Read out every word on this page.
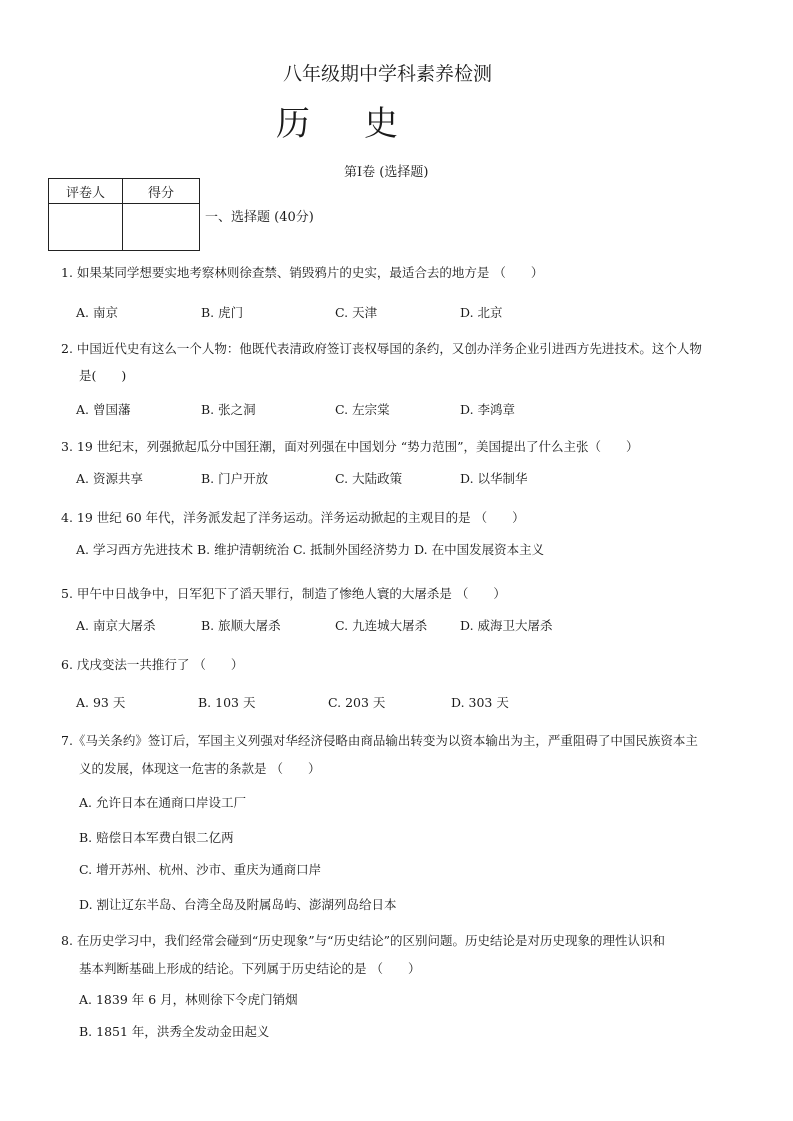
八年级期中学科素养检测
历 史
第Ⅰ卷 (选择题)
评卷人	得分

一、选择题 (40分)
1. 如果某同学想要实地考察林则徐查禁、销毁鸦片的史实，最适合去的地方是 （　　）
A. 南京	B. 虎门	C. 天津	D. 北京
2. 中国近代史有这么一个人物：他既代表清政府签订丧权辱国的条约，又创办洋务企业引进西方先进技术。这个人物
是(　　)
A. 曾国藩	B. 张之洞	C. 左宗棠	D. 李鸿章
3. 19 世纪末，列强掀起瓜分中国狂潮，面对列强在中国划分 “势力范围”，美国提出了什么主张（　　）
A. 资源共享	B. 门户开放	C. 大陆政策	D. 以华制华
4. 19 世纪 60 年代，洋务派发起了洋务运动。洋务运动掀起的主观目的是 （　　）
A. 学习西方先进技术 B. 维护清朝统治 C. 抵制外国经济势力 D. 在中国发展资本主义
5. 甲午中日战争中，日军犯下了滔天罪行，制造了惨绝人寰的大屠杀是 （　　）
A. 南京大屠杀	B. 旅顺大屠杀	C. 九连城大屠杀	D. 威海卫大屠杀
6. 戊戌变法一共推行了 （　　）
A. 93 天	B. 103 天	C. 203 天	D. 303 天
7.《马关条约》签订后，军国主义列强对华经济侵略由商品输出转变为以资本输出为主，严重阻碍了中国民族资本主
义的发展，体现这一危害的条款是 （　　）
A. 允许日本在通商口岸设工厂
B. 赔偿日本军费白银二亿两
C. 增开苏州、杭州、沙市、重庆为通商口岸
D. 割让辽东半岛、台湾全岛及附属岛屿、澎湖列岛给日本
8. 在历史学习中，我们经常会碰到“历史现象”与“历史结论”的区别问题。历史结论是对历史现象的理性认识和
基本判断基础上形成的结论。下列属于历史结论的是 （　　）
A. 1839 年 6 月，林则徐下令虎门销烟
B. 1851 年，洪秀全发动金田起义
